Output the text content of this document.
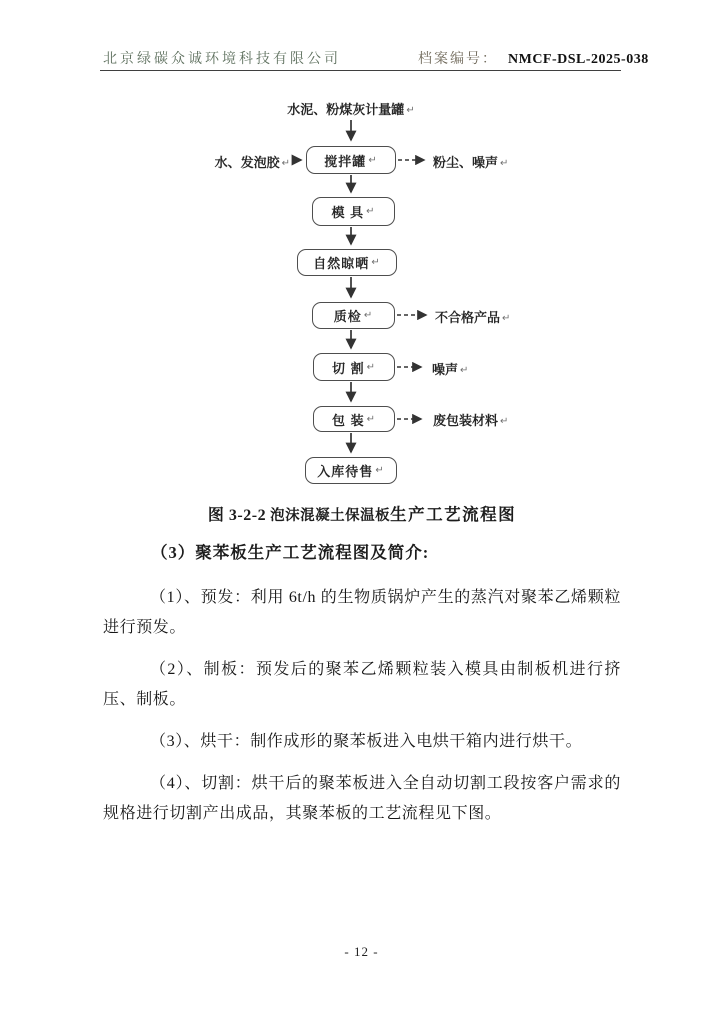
北京绿碳众诚环境科技有限公司	档案编号： NMCF-DSL-2025-038
水泥、粉煤灰计量罐 ↵
水、发泡胶 ↵	搅拌罐 ↵
模 具 ↵
自然晾晒 ↵
质检 ↵
切 割 ↵
包 装 ↵
入库待售 ↵
粉尘、噪声 ↵
不合格产品 ↵
噪声 ↵
废包装材料 ↵
图 3-2-2 泡沫混凝土保温板生产工艺流程图
（3）聚苯板生产工艺流程图及简介:

（1）、预发：利用 6t/h 的生物质锅炉产生的蒸汽对聚苯乙烯颗粒进行预发。

（2）、制板：预发后的聚苯乙烯颗粒装入模具由制板机进行挤压、制板。

（3）、烘干：制作成形的聚苯板进入电烘干箱内进行烘干。

（4）、切割：烘干后的聚苯板进入全自动切割工段按客户需求的规格进行切割产出成品，其聚苯板的工艺流程见下图。

- 12 -
